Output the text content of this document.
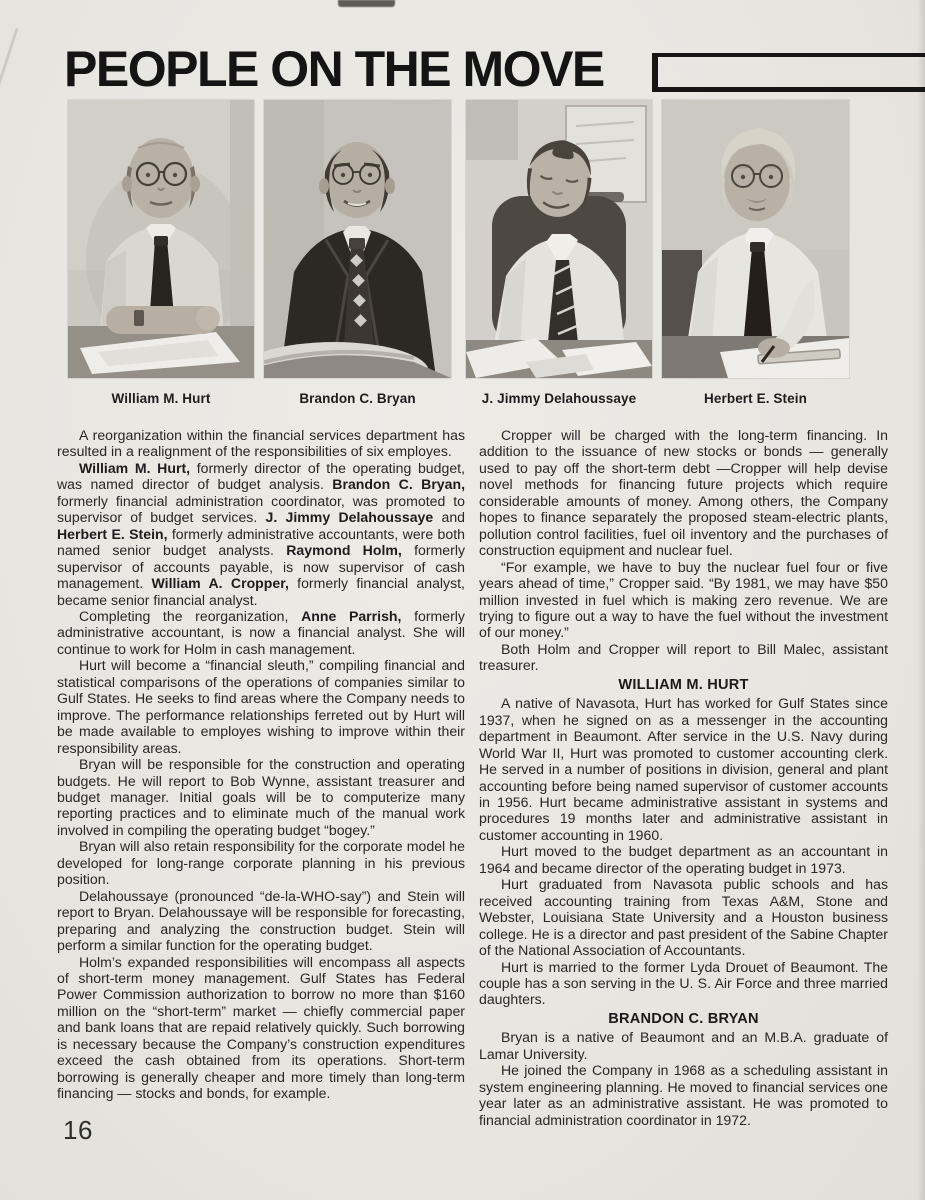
PEOPLE ON THE MOVE
William M. Hurt	Brandon C. Bryan	J. Jimmy Delahoussaye	Herbert E. Stein

A reorganization within the financial services department has resulted in a realignment of the responsibilities of six employes.

William M. Hurt, formerly director of the operating budget, was named director of budget analysis. Brandon C. Bryan, formerly financial administration coordinator, was promoted to supervisor of budget services. J. Jimmy Delahoussaye and Herbert E. Stein, formerly administrative accountants, were both named senior budget analysts. Raymond Holm, formerly supervisor of accounts payable, is now supervisor of cash management. William A. Cropper, formerly financial analyst, became senior financial analyst.

Completing the reorganization, Anne Parrish, formerly administrative accountant, is now a financial analyst. She will continue to work for Holm in cash management.

Hurt will become a “financial sleuth,” compiling financial and statistical comparisons of the operations of companies similar to Gulf States. He seeks to find areas where the Company needs to improve. The performance relationships ferreted out by Hurt will be made available to employes wishing to improve within their responsibility areas.

Bryan will be responsible for the construction and operating budgets. He will report to Bob Wynne, assistant treasurer and budget manager. Initial goals will be to computerize many reporting practices and to eliminate much of the manual work involved in compiling the operating budget “bogey.”

Bryan will also retain responsibility for the corporate model he developed for long-range corporate planning in his previous position.

Delahoussaye (pronounced “de-la-WHO-say”) and Stein will report to Bryan. Delahoussaye will be responsible for forecasting, preparing and analyzing the construction budget. Stein will perform a similar function for the operating budget.

Holm’s expanded responsibilities will encompass all aspects of short-term money management. Gulf States has Federal Power Commission authorization to borrow no more than $160 million on the “short-term” market — chiefly commercial paper and bank loans that are repaid relatively quickly. Such borrowing is necessary because the Company’s construction expenditures exceed the cash obtained from its operations. Short-term borrowing is generally cheaper and more timely than long-term financing — stocks and bonds, for example.

Cropper will be charged with the long-term financing. In addition to the issuance of new stocks or bonds — generally used to pay off the short-term debt —Cropper will help devise novel methods for financing future projects which require considerable amounts of money. Among others, the Company hopes to finance separately the proposed steam-electric plants, pollution control facilities, fuel oil inventory and the purchases of construction equipment and nuclear fuel.

“For example, we have to buy the nuclear fuel four or five years ahead of time,” Cropper said. “By 1981, we may have $50 million invested in fuel which is making zero revenue. We are trying to figure out a way to have the fuel without the investment of our money.”

Both Holm and Cropper will report to Bill Malec, assistant treasurer.

WILLIAM M. HURT

A native of Navasota, Hurt has worked for Gulf States since 1937, when he signed on as a messenger in the accounting department in Beaumont. After service in the U.S. Navy during World War II, Hurt was promoted to customer accounting clerk. He served in a number of positions in division, general and plant accounting before being named supervisor of customer accounts in 1956. Hurt became administrative assistant in systems and procedures 19 months later and administrative assistant in customer accounting in 1960.

Hurt moved to the budget department as an accountant in 1964 and became director of the operating budget in 1973.

Hurt graduated from Navasota public schools and has received accounting training from Texas A&M, Stone and Webster, Louisiana State University and a Houston business college. He is a director and past president of the Sabine Chapter of the National Association of Accountants.

Hurt is married to the former Lyda Drouet of Beaumont. The couple has a son serving in the U. S. Air Force and three married daughters.

BRANDON C. BRYAN

Bryan is a native of Beaumont and an M.B.A. graduate of Lamar University.

He joined the Company in 1968 as a scheduling assistant in system engineering planning. He moved to financial services one year later as an administrative assistant. He was promoted to financial administration coordinator in 1972.

16
